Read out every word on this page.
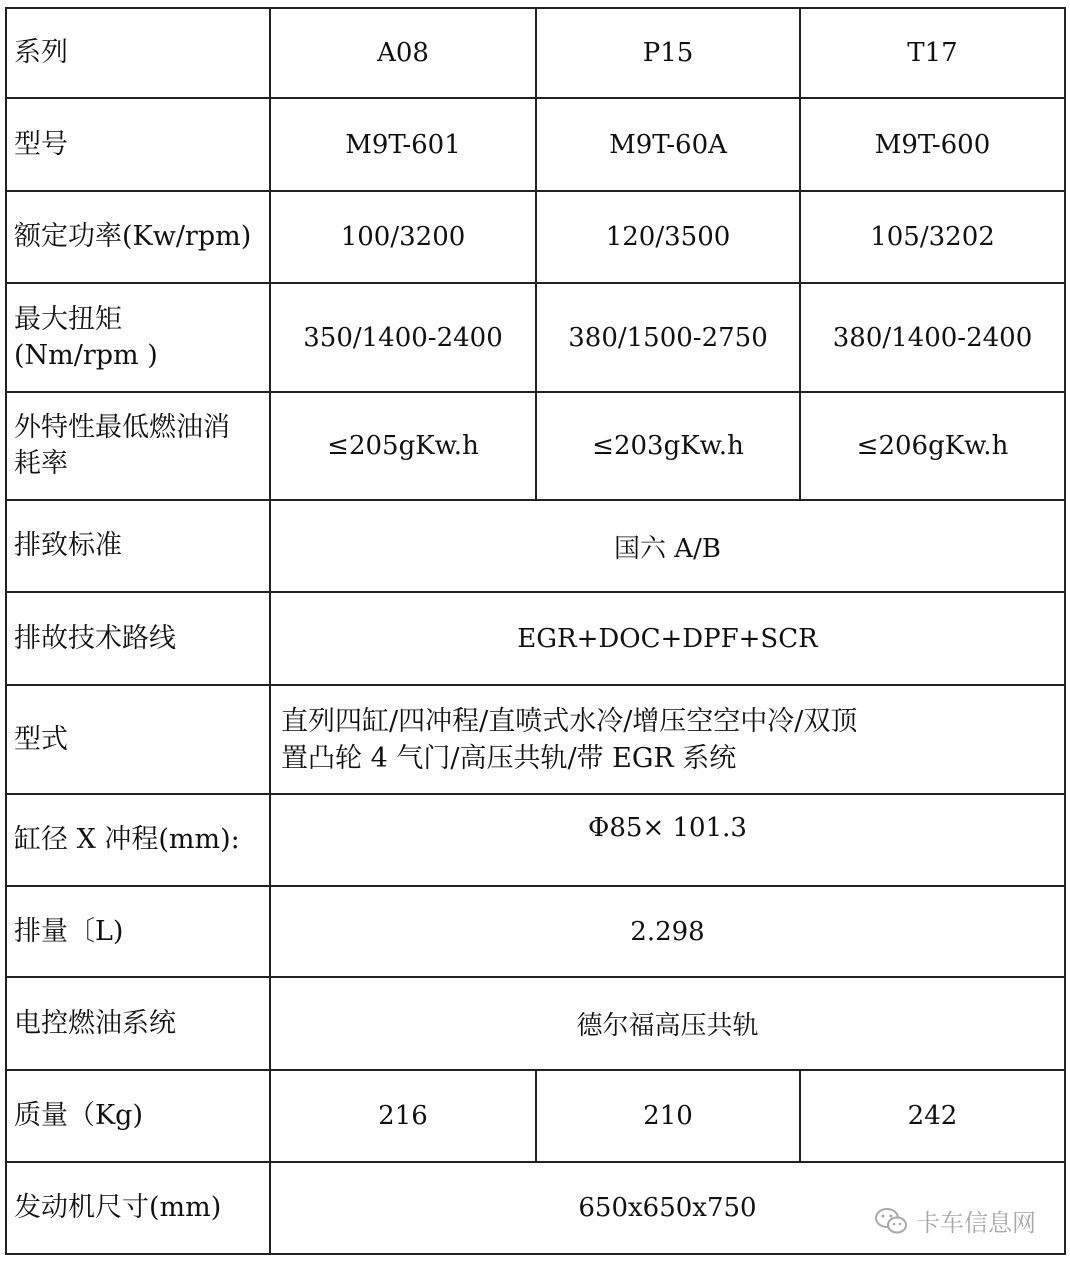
系列	A08	P15	T17
型号	M9T-601	M9T-60A	M9T-600
额定功率(Kw/rpm)	100/3200	120/3500	105/3202

最大扭矩
(Nm/rpm )	350/1400-2400	380/1500-2750	380/1400-2400

外特性最低燃油消
耗率	≤205gKw.h	≤203gKw.h	≤206gKw.h
排致标准	国六 A/B		
排故技术路线	EGR+DOC+DPF+SCR		
型式	直列四缸/四冲程/直喷式水冷/增压空空中冷/双顶
置凸轮 4 气门/高压共轨/带 EGR 系统		

缸径 X 冲程(mm):	Φ85× 101.3		
排量〔L)	2.298		
电控燃油系统	德尔福高压共轨		
质量（Kg)	216	210	242
发动机尺寸(mm)	650x650x750			卡车信息网
